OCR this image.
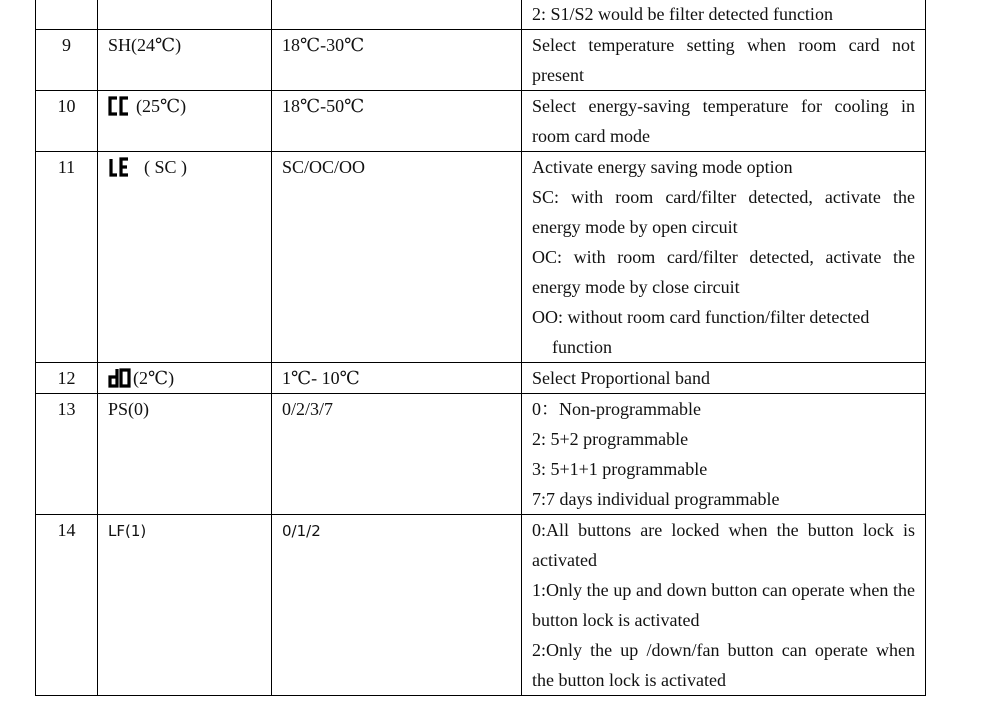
			2: S1/S2 would be filter detected function

9	SH(24℃)	18℃-30℃	Select temperature setting when room card not present

10	(25℃)	18℃-50℃	Select energy-saving temperature for cooling in room card mode

11	( SC )	SC/OC/OO	Activate energy saving mode option
SC: with room card/filter detected, activate the energy mode by open circuit
OC: with room card/filter detected, activate the energy mode by close circuit
OO: without room card function/filter detected
function

12	(2℃)	1℃- 10℃	Select Proportional band

13	PS(0)	0/2/3/7	0：Non-programmable
2: 5+2 programmable
3: 5+1+1 programmable
7:7 days individual programmable

14	LF(1)	0/1/2	0:All buttons are locked when the button lock is activated
1:Only the up and down button can operate when the button lock is activated
2:Only the up /down/fan button can operate when the button lock is activated
